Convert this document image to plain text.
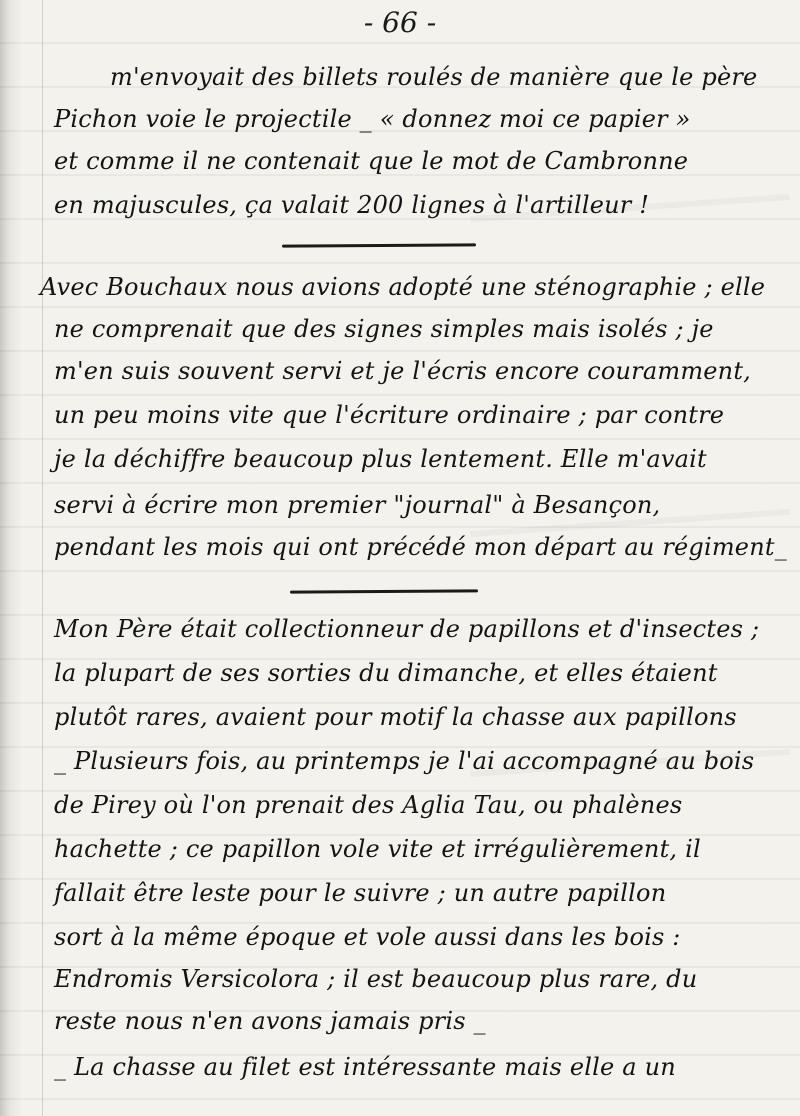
- 66 -
m'envoyait des billets roulés de manière que le père
Pichon voie le projectile _ « donnez moi ce papier »
et comme il ne contenait que le mot de Cambronne
en majuscules, ça valait 200 lignes à l'artilleur !
Avec Bouchaux nous avions adopté une sténographie ; elle
ne comprenait que des signes simples mais isolés ; je
m'en suis souvent servi et je l'écris encore couramment,
un peu moins vite que l'écriture ordinaire ; par contre
je la déchiffre beaucoup plus lentement. Elle m'avait
servi à écrire mon premier "journal" à Besançon,
pendant les mois qui ont précédé mon départ au régiment_
Mon Père était collectionneur de papillons et d'insectes ;
la plupart de ses sorties du dimanche, et elles étaient
plutôt rares, avaient pour motif la chasse aux papillons
_ Plusieurs fois, au printemps je l'ai accompagné au bois
de Pirey où l'on prenait des Aglia Tau, ou phalènes
hachette ; ce papillon vole vite et irrégulièrement, il
fallait être leste pour le suivre ; un autre papillon
sort à la même époque et vole aussi dans les bois :
Endromis Versicolora ; il est beaucoup plus rare, du
reste nous n'en avons jamais pris _
_ La chasse au filet est intéressante mais elle a un
